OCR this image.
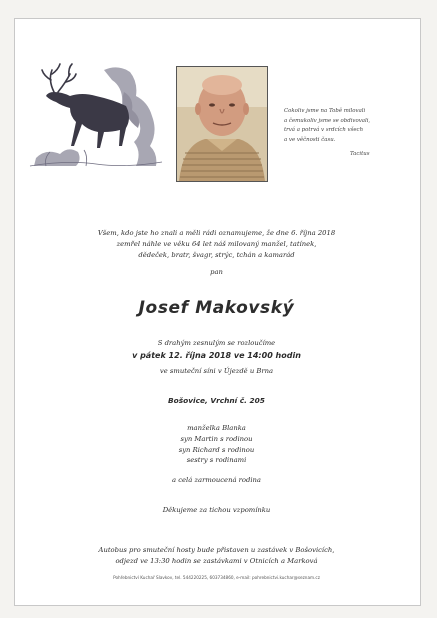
Cokoliv jsme na Tobě milovali
a čemukoliv jsme se obdivovali,
trvá a potrvá v srdcích všech
a ve věčnosti času.
Tacitus
Všem, kdo jste ho znali a měli rádi oznamujeme, že dne 6. října 2018
zemřel náhle ve věku 64 let náš milovaný manžel, tatínek,
dědeček, bratr, švagr, strýc, tchán a kamarád
pan
Josef Makovský
S drahým zesnulým se rozloučíme
v pátek 12. října 2018 ve 14:00 hodin
ve smuteční síni v Újezdě u Brna
Bošovice, Vrchní č. 205
manželka Blanka
syn Martin s rodinou
syn Richard s rodinou
sestry s rodinami
a celá zarmoucená rodina
Děkujeme za tichou vzpomínku
Autobus pro smuteční hosty bude přistaven u zastávek v Bošovicích,
odjezd ve 13:30 hodin se zastávkami v Otnicích a Marková
Pohřebnictví Kuchař Slavkov, tel. 544220225, 603734860, e-mail: pohrebnictvi.kuchar@seznam.cz
